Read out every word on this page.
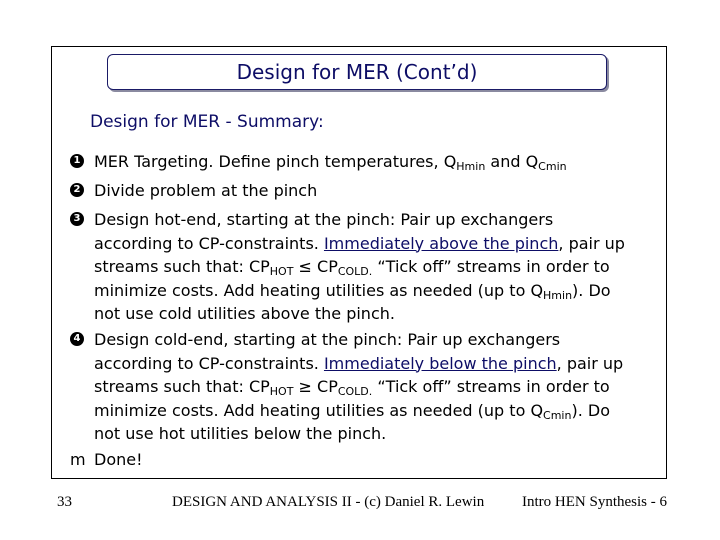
Design for MER (Cont’d)
Design for MER - Summary:
1 MER Targeting. Define pinch temperatures, $Q_{Hmin}$ and $Q_{Cmin}$
2 Divide problem at the pinch
3 Design hot-end, starting at the pinch: Pair up exchangers
according to CP-constraints. Immediately above the pinch, pair up
streams such that: $CP_{HOT} \le CP_{COLD.}$ “Tick off” streams in order to
minimize costs. Add heating utilities as needed (up to $Q_{Hmin}$). Do
not use cold utilities above the pinch.
4 Design cold-end, starting at the pinch: Pair up exchangers
according to CP-constraints. Immediately below the pinch, pair up
streams such that: $CP_{HOT} \ge CP_{COLD.}$ “Tick off” streams in order to
minimize costs. Add heating utilities as needed (up to $Q_{Cmin}$). Do
not use hot utilities below the pinch.
m Done!
33	DESIGN AND ANALYSIS II - (c) Daniel R. Lewin	Intro HEN Synthesis - 6
